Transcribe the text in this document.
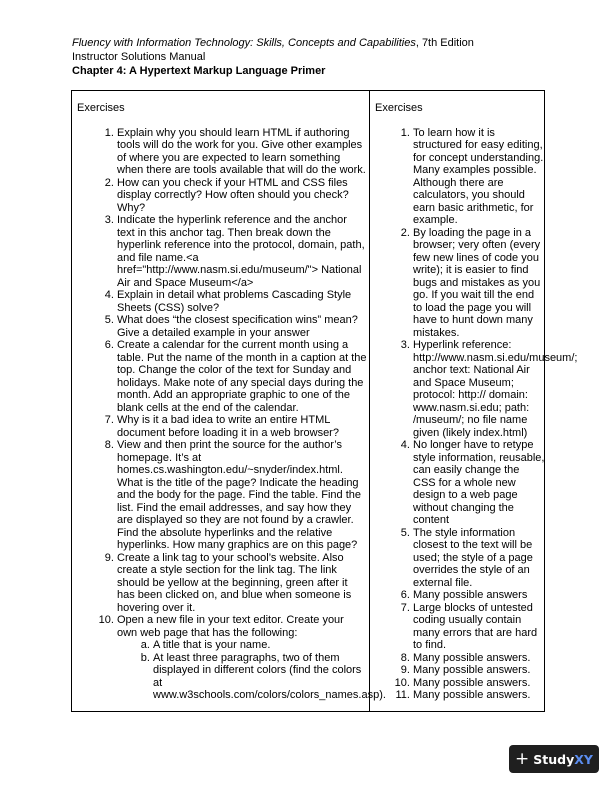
Fluency with Information Technology: Skills, Concepts and Capabilities, 7th Edition
Instructor Solutions Manual
Chapter 4: A Hypertext Markup Language Primer
Exercises
1. Explain why you should learn HTML if authoring tools will do the work for you. Give other examples of where you are expected to learn something when there are tools available that will do the work.
2. How can you check if your HTML and CSS files display correctly? How often should you check? Why?
3. Indicate the hyperlink reference and the anchor text in this anchor tag. Then break down the hyperlink reference into the protocol, domain, path, and file name.<a href="http://www.nasm.si.edu/museum/"> National Air and Space Museum</a>
4. Explain in detail what problems Cascading Style Sheets (CSS) solve?
5. What does “the closest specification wins” mean? Give a detailed example in your answer
6. Create a calendar for the current month using a table. Put the name of the month in a caption at the top. Change the color of the text for Sunday and holidays. Make note of any special days during the month. Add an appropriate graphic to one of the blank cells at the end of the calendar.
7. Why is it a bad idea to write an entire HTML document before loading it in a web browser?
8. View and then print the source for the author’s homepage. It’s at homes.cs.washington.edu/~snyder/index.html. What is the title of the page? Indicate the heading and the body for the page. Find the table. Find the list. Find the email addresses, and say how they are displayed so they are not found by a crawler. Find the absolute hyperlinks and the relative hyperlinks. How many graphics are on this page?
9. Create a link tag to your school’s website. Also create a style section for the link tag. The link should be yellow at the beginning, green after it has been clicked on, and blue when someone is hovering over it.
10. Open a new file in your text editor. Create your own web page that has the following:
a. A title that is your name.
b. At least three paragraphs, two of them displayed in different colors (find the colors at www.w3schools.com/colors/colors_names.asp).
Exercises
1. To learn how it is structured for easy editing, for concept understanding. Many examples possible. Although there are calculators, you should earn basic arithmetic, for example.
2. By loading the page in a browser; very often (every few new lines of code you write); it is easier to find bugs and mistakes as you go. If you wait till the end to load the page you will have to hunt down many mistakes.
3. Hyperlink reference: http://www.nasm.si.edu/museum/; anchor text: National Air and Space Museum; protocol: http:// domain: www.nasm.si.edu; path: /museum/; no file name given (likely index.html)
4. No longer have to retype style information, reusable, can easily change the CSS for a whole new design to a web page without changing the content
5. The style information closest to the text will be used; the style of a page overrides the style of an external file.
6. Many possible answers
7. Large blocks of untested coding usually contain many errors that are hard to find.
8. Many possible answers.
9. Many possible answers.
10. Many possible answers.
11. Many possible answers.
+ Study XY
